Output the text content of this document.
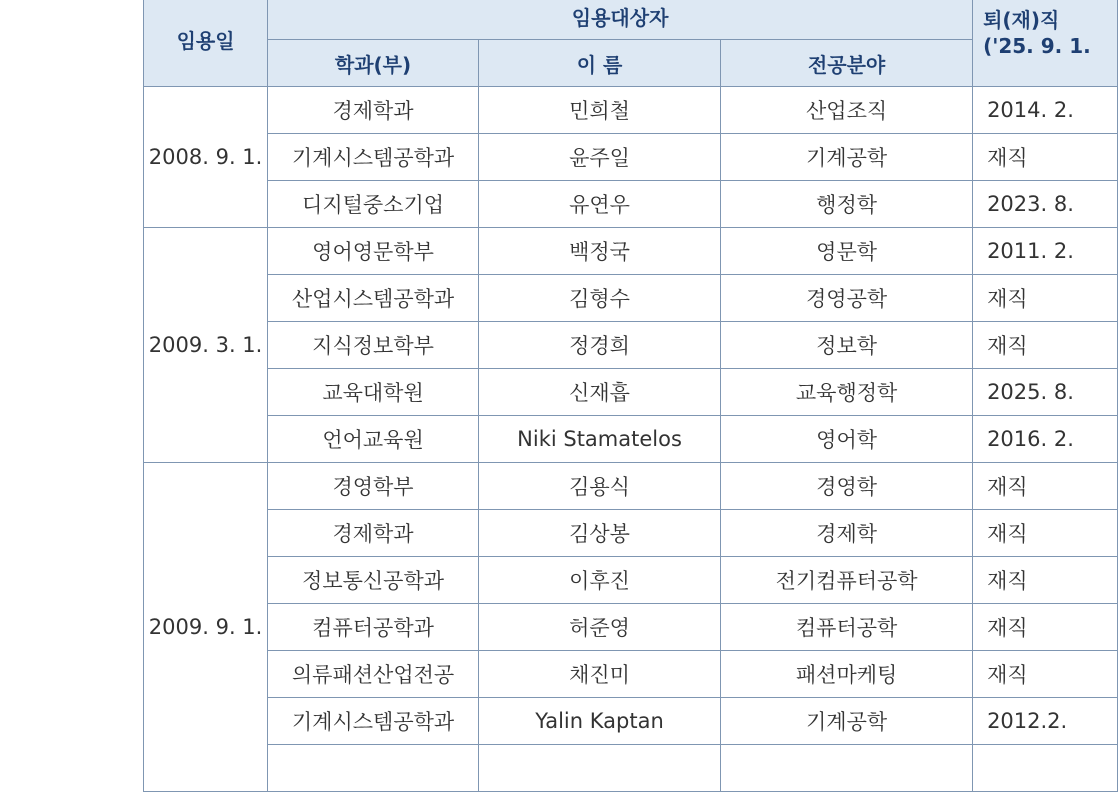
임용일	임용대상자			퇴(재)직
('25. 9. 1.

	학과(부)	이 름	전공분야	
2008. 9. 1.	경제학과	민희철	산업조직	2014. 2.
	기계시스템공학과	윤주일	기계공학	재직
	디지털중소기업	유연우	행정학	2023. 8.
2009. 3. 1.	영어영문학부	백정국	영문학	2011. 2.
	산업시스템공학과	김형수	경영공학	재직
	지식정보학부	정경희	정보학	재직
	교육대학원	신재흡	교육행정학	2025. 8.
	언어교육원	Niki Stamatelos	영어학	2016. 2.
2009. 9. 1.	경영학부	김용식	경영학	재직
	경제학과	김상봉	경제학	재직
	정보통신공학과	이후진	전기컴퓨터공학	재직
	컴퓨터공학과	허준영	컴퓨터공학	재직
	의류패션산업전공	채진미	패션마케팅	재직
	기계시스템공학과	Yalin Kaptan	기계공학	2012.2.
